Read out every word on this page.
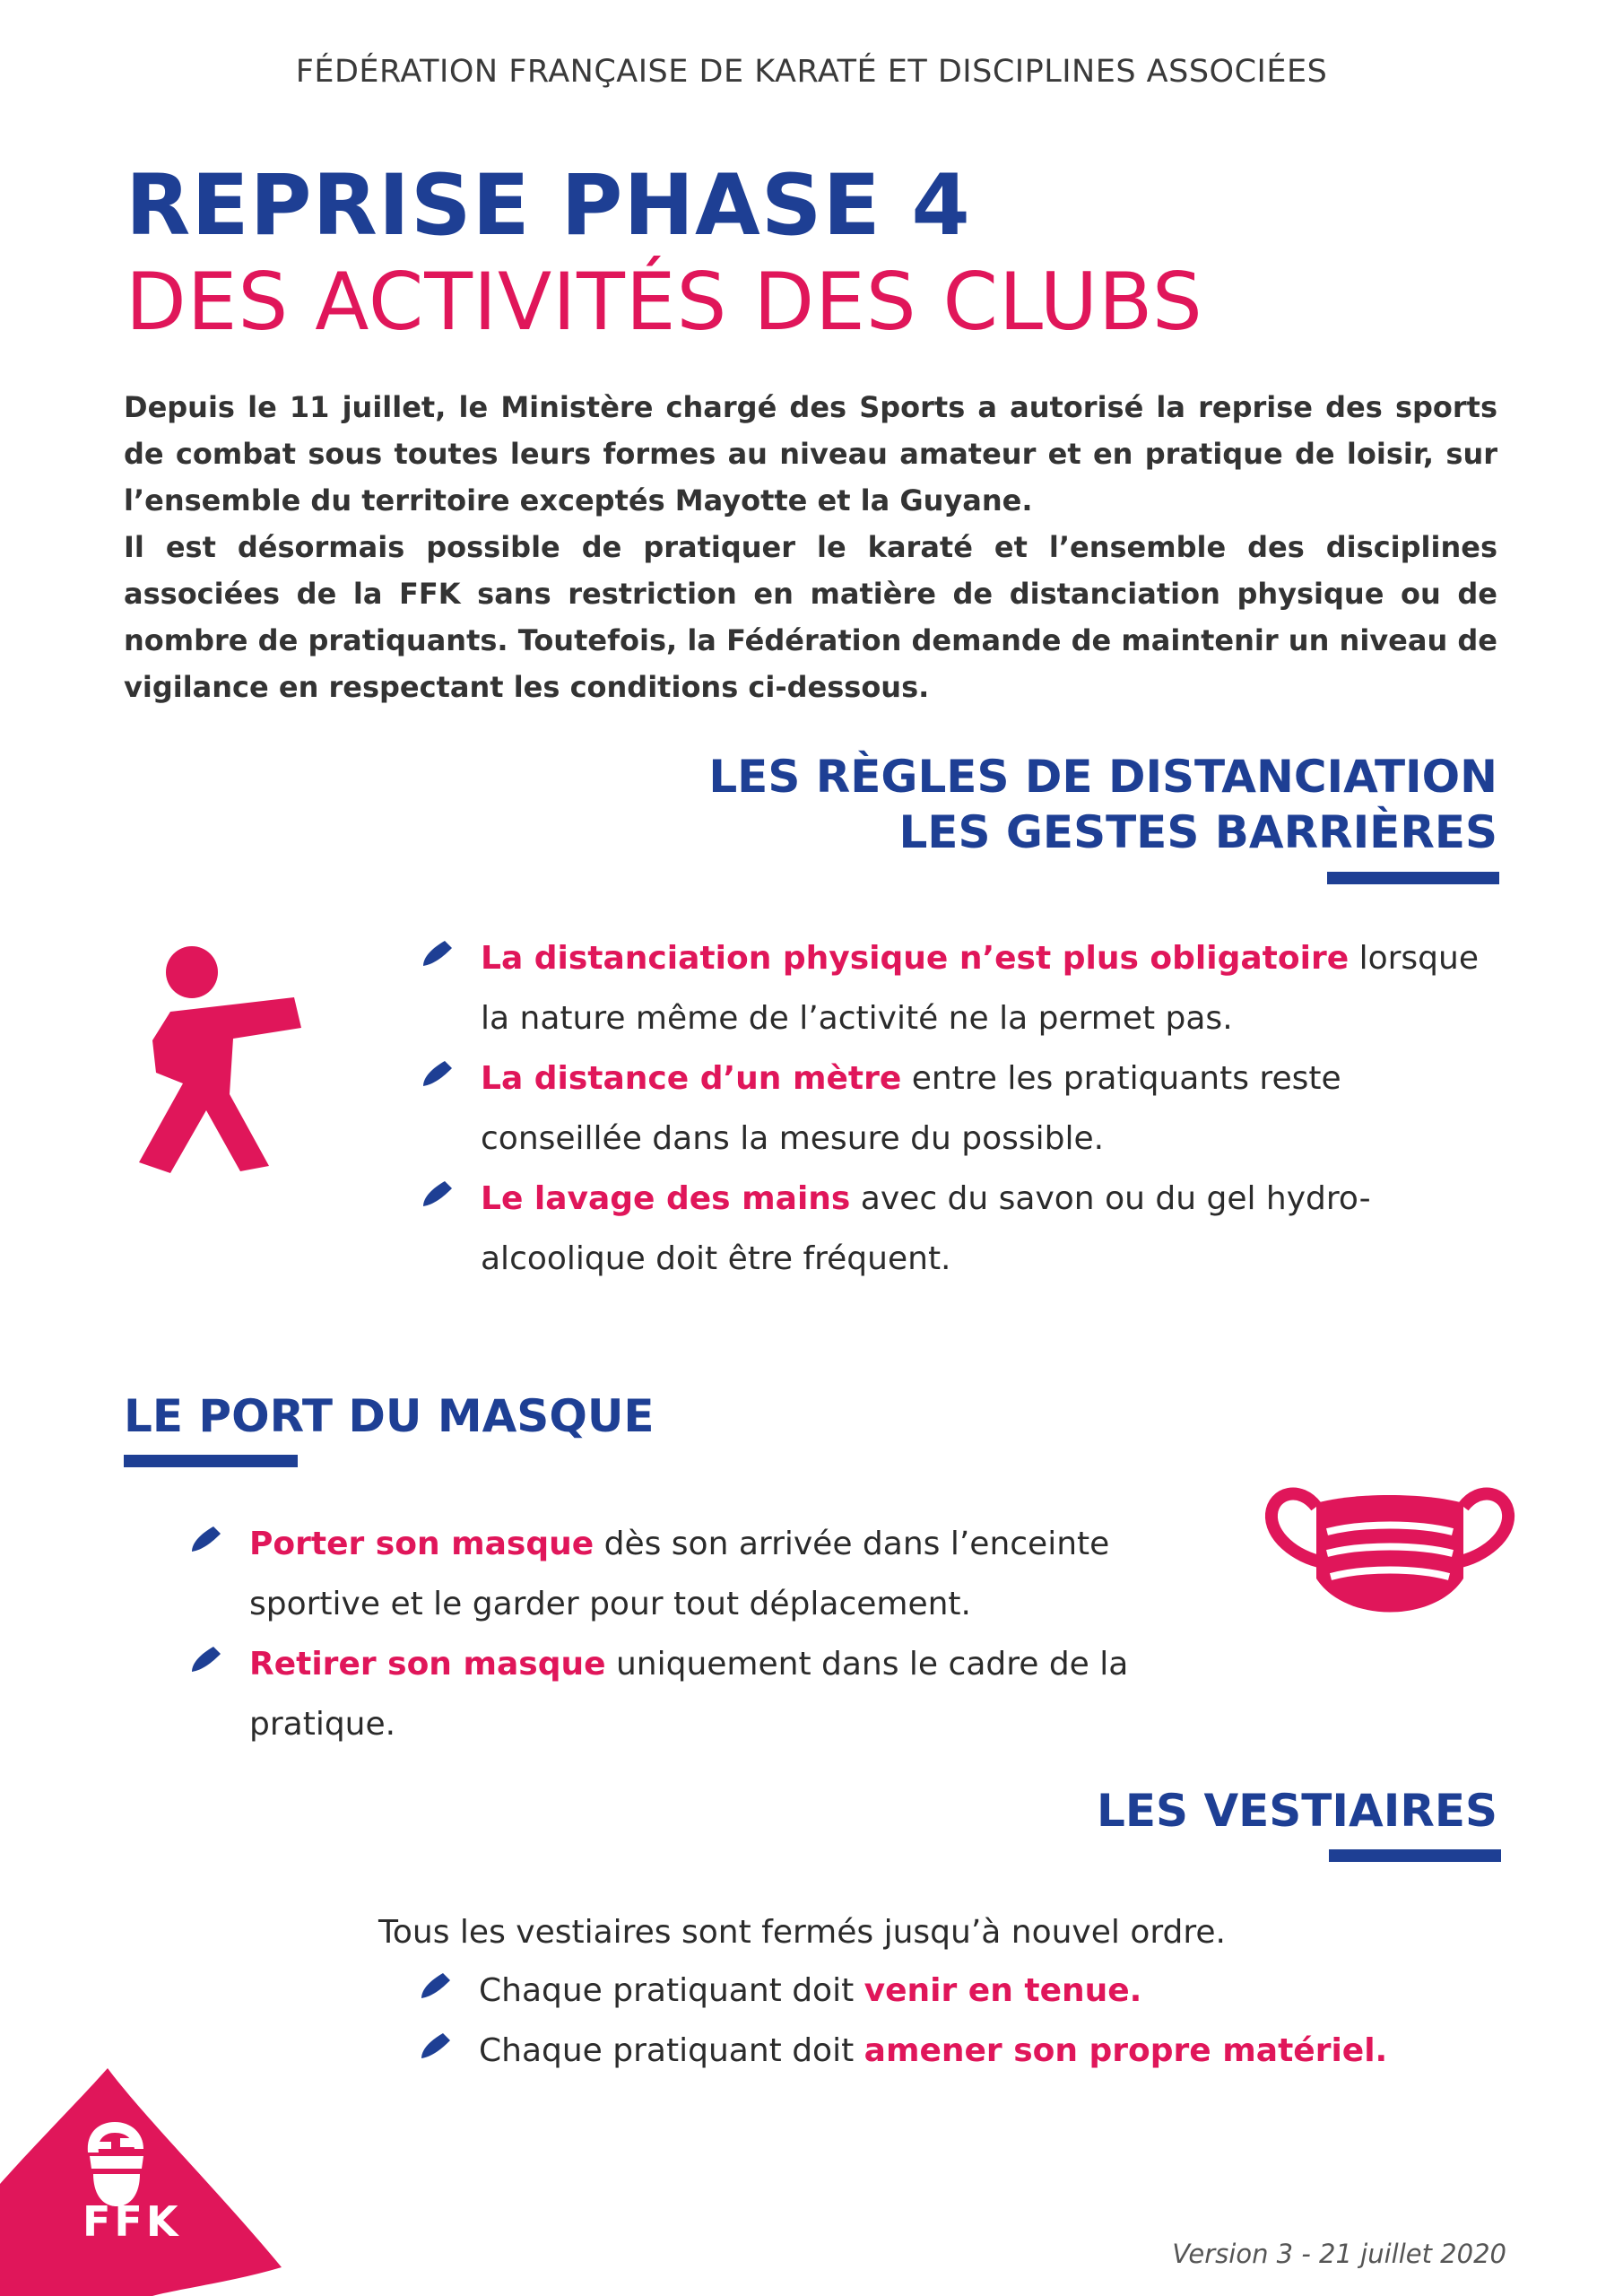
FÉDÉRATION FRANÇAISE DE KARATÉ ET DISCIPLINES ASSOCIÉES
REPRISE PHASE 4
DES ACTIVITÉS DES CLUBS

Depuis le 11 juillet, le Ministère chargé des Sports a autorisé la reprise des sports de combat sous toutes leurs formes au niveau amateur et en pratique de loisir, sur l’ensemble du territoire exceptés Mayotte et la Guyane.

Il est désormais possible de pratiquer le karaté et l’ensemble des disciplines associées de la FFK sans restriction en matière de distanciation physique ou de nombre de pratiquants. Toutefois, la Fédération demande de maintenir un niveau de vigilance en respectant les conditions ci-dessous.

LES RÈGLES DE DISTANCIATION
LES GESTES BARRIÈRES
La distanciation physique n’est plus obligatoire lorsque la nature même de l’activité ne la permet pas.
La distance d’un mètre entre les pratiquants reste conseillée dans la mesure du possible.
Le lavage des mains avec du savon ou du gel hydro-alcoolique doit être fréquent.
LE PORT DU MASQUE
Porter son masque dès son arrivée dans l’enceinte sportive et le garder pour tout déplacement.
Retirer son masque uniquement dans le cadre de la pratique.
LES VESTIAIRES
Tous les vestiaires sont fermés jusqu’à nouvel ordre.
Chaque pratiquant doit venir en tenue.
Chaque pratiquant doit amener son propre matériel.
FFK
Version 3 - 21 juillet 2020
